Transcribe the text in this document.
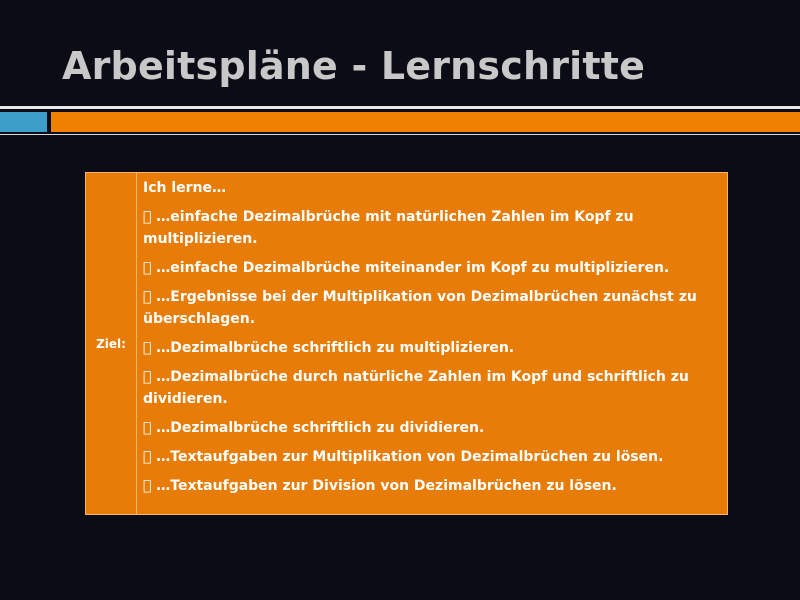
Arbeitspläne - Lernschritte
Ziel:
Ich lerne…
…einfache Dezimalbrüche mit natürlichen Zahlen im Kopf zu multiplizieren.
…einfache Dezimalbrüche miteinander im Kopf zu multiplizieren.
…Ergebnisse bei der Multiplikation von Dezimalbrüchen zunächst zu überschlagen.
…Dezimalbrüche schriftlich zu multiplizieren.
…Dezimalbrüche durch natürliche Zahlen im Kopf und schriftlich zu dividieren.
…Dezimalbrüche schriftlich zu dividieren.
…Textaufgaben zur Multiplikation von Dezimalbrüchen zu lösen.
…Textaufgaben zur Division von Dezimalbrüchen zu lösen.
